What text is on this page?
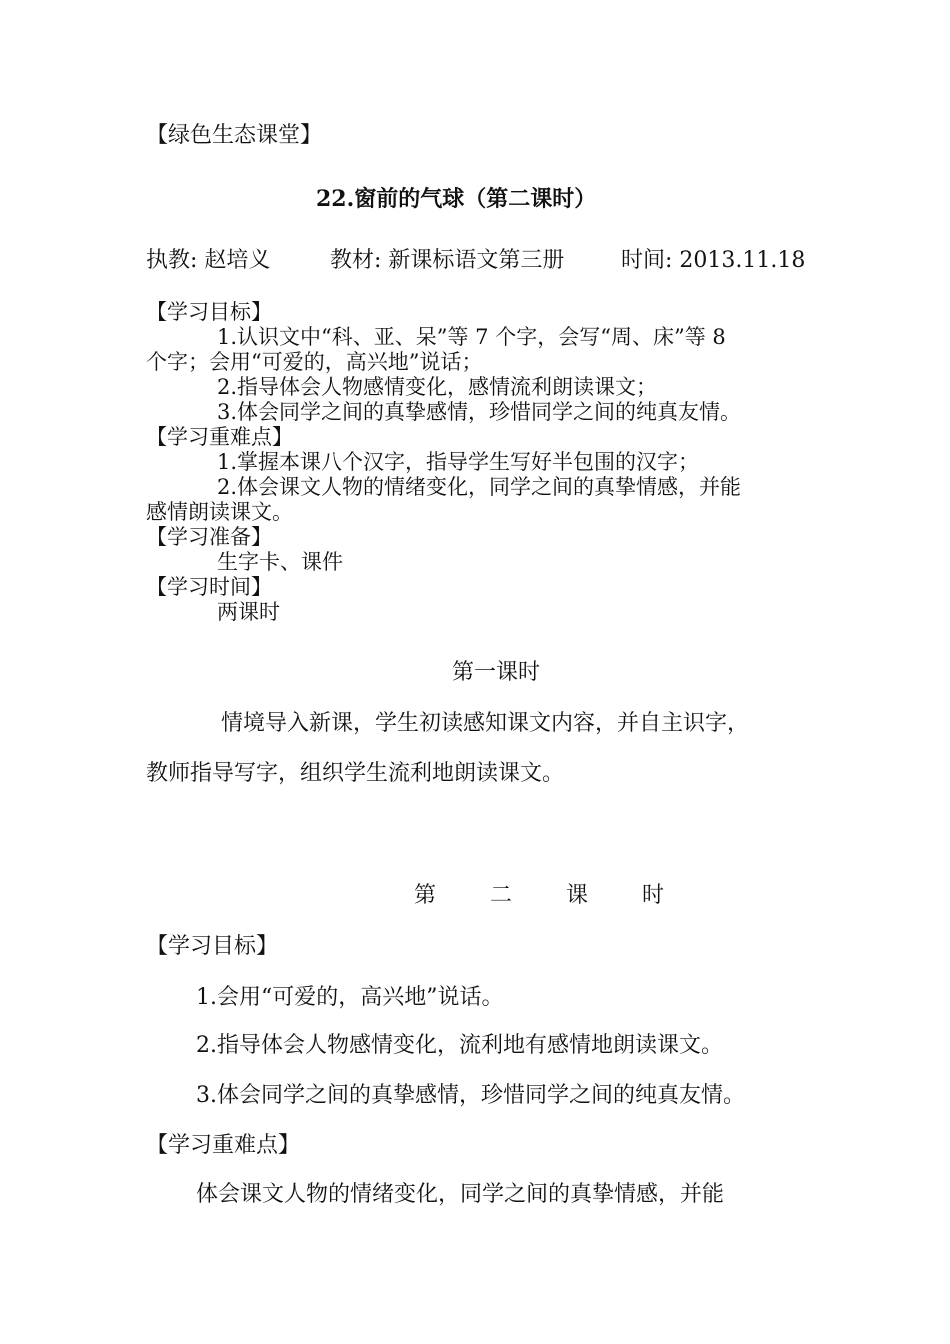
【绿色生态课堂】
22.窗前的气球（第二课时）
执教: 赵培义	教材: 新课标语文第三册	时间: 2013.11.18
【学习目标】
1.认识文中“科、亚、呆”等 7 个字，会写“周、床”等 8
个字；会用“可爱的，高兴地”说话；
2.指导体会人物感情变化，感情流利朗读课文；
3.体会同学之间的真挚感情，珍惜同学之间的纯真友情。
【学习重难点】
1.掌握本课八个汉字，指导学生写好半包围的汉字；
2.体会课文人物的情绪变化，同学之间的真挚情感，并能
感情朗读课文。
【学习准备】
生字卡、课件
【学习时间】
两课时
第一课时
情境导入新课，学生初读感知课文内容，并自主识字，
教师指导写字，组织学生流利地朗读课文。
第  二  课  时
【学习目标】
1.会用“可爱的，高兴地”说话。
2.指导体会人物感情变化，流利地有感情地朗读课文。
3.体会同学之间的真挚感情，珍惜同学之间的纯真友情。
【学习重难点】
体会课文人物的情绪变化，同学之间的真挚情感，并能
